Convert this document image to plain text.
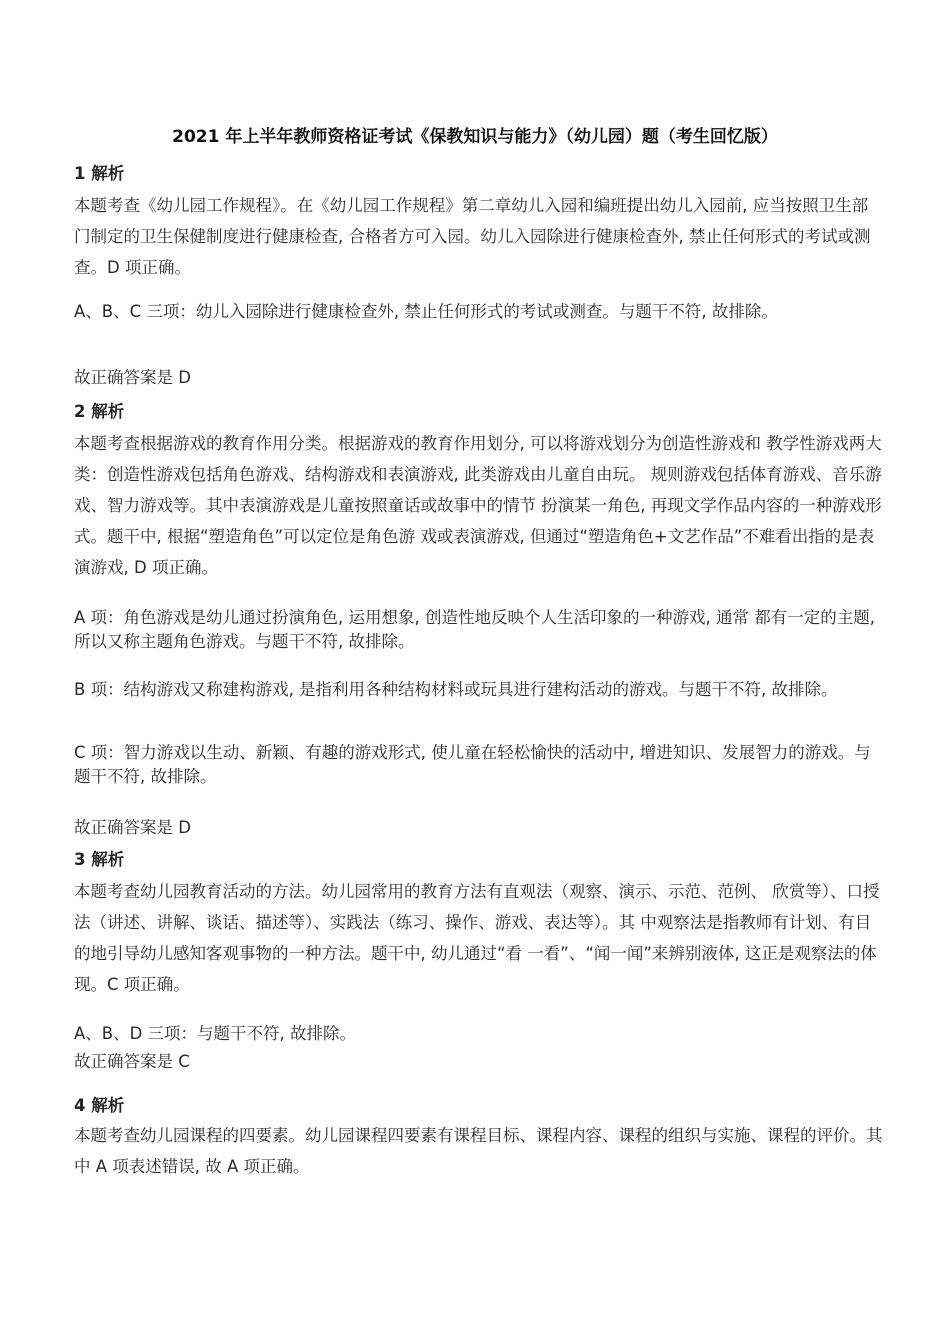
2021 年上半年教师资格证考试《保教知识与能力》（幼儿园）题（考生回忆版）
1 解析
本题考查《幼儿园工作规程》。在《幼儿园工作规程》第二章幼儿入园和编班提出幼儿入园前, 应当按照卫生部门制定的卫生保健制度进行健康检查, 合格者方可入园。幼儿入园除进行健康检查外, 禁止任何形式的考试或测查。D 项正确。
A、B、C 三项：幼儿入园除进行健康检查外, 禁止任何形式的考试或测查。与题干不符, 故排除。
故正确答案是 D
2 解析
本题考查根据游戏的教育作用分类。根据游戏的教育作用划分, 可以将游戏划分为创造性游戏和 教学性游戏两大类：创造性游戏包括角色游戏、结构游戏和表演游戏, 此类游戏由儿童自由玩。 规则游戏包括体育游戏、音乐游戏、智力游戏等。其中表演游戏是儿童按照童话或故事中的情节 扮演某一角色, 再现文学作品内容的一种游戏形式。题干中, 根据“塑造角色”可以定位是角色游 戏或表演游戏, 但通过“塑造角色+文艺作品”不难看出指的是表演游戏, D 项正确。
A 项：角色游戏是幼儿通过扮演角色, 运用想象, 创造性地反映个人生活印象的一种游戏, 通常 都有一定的主题, 所以又称主题角色游戏。与题干不符, 故排除。
B 项：结构游戏又称建构游戏, 是指利用各种结构材料或玩具进行建构活动的游戏。与题干不符, 故排除。
C 项：智力游戏以生动、新颖、有趣的游戏形式, 使儿童在轻松愉快的活动中, 增进知识、发展智力的游戏。与题干不符, 故排除。
故正确答案是 D
3 解析
本题考查幼儿园教育活动的方法。幼儿园常用的教育方法有直观法（观察、演示、示范、范例、 欣赏等）、口授法（讲述、讲解、谈话、描述等）、实践法（练习、操作、游戏、表达等）。其 中观察法是指教师有计划、有目的地引导幼儿感知客观事物的一种方法。题干中, 幼儿通过“看 一看”、“闻一闻”来辨别液体, 这正是观察法的体现。C 项正确。
A、B、D 三项：与题干不符, 故排除。
故正确答案是 C
4 解析
本题考查幼儿园课程的四要素。幼儿园课程四要素有课程目标、课程内容、课程的组织与实施、课程的评价。其中 A 项表述错误, 故 A 项正确。
